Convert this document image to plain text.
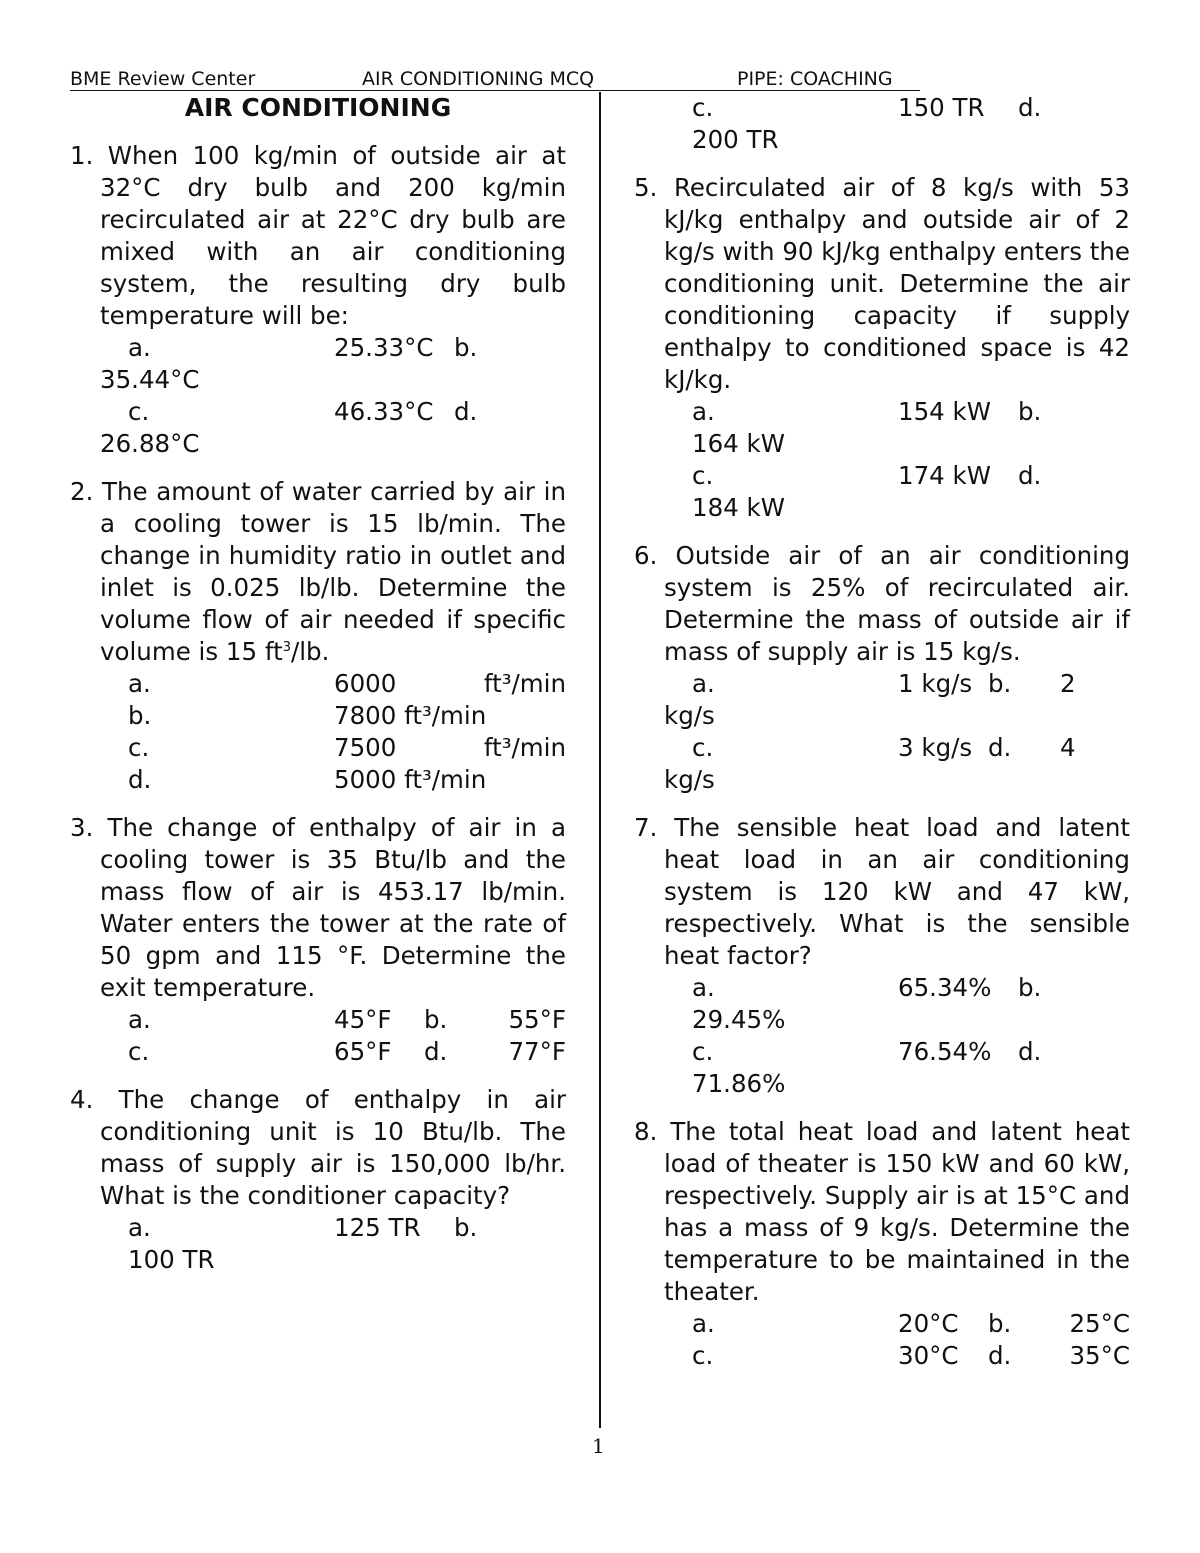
BME Review Center	AIR CONDITIONING MCQ	PIPE: COACHING
AIR CONDITIONING
1. When 100 kg/min of outside air at 32°C dry bulb and 200 kg/min recirculated air at 22°C dry bulb are mixed with an air conditioning system, the resulting dry bulb temperature will be:
a.	25.33°C b.
35.44°C
c.	46.33°C d.
26.88°C
2. The amount of water carried by air in a cooling tower is 15 lb/min. The change in humidity ratio in outlet and inlet is 0.025 lb/lb. Determine the volume flow of air needed if specific volume is 15 $ft^3/lb$.
a.	6000	ft³/min
b.	7800 ft³/min
c.	7500	ft³/min
d.	5000 ft³/min
3. The change of enthalpy of air in a cooling tower is 35 Btu/lb and the mass flow of air is 453.17 lb/min. Water enters the tower at the rate of 50 gpm and 115 °F. Determine the exit temperature.
a.	45°F b. 55°F
c.	65°F d. 77°F
4. The change of enthalpy in air conditioning unit is 10 Btu/lb. The mass of supply air is 150,000 lb/hr. What is the conditioner capacity?
a.	125 TR b.
100 TR
c.	150 TR d.
200 TR
5. Recirculated air of 8 kg/s with 53 kJ/kg enthalpy and outside air of 2 kg/s with 90 kJ/kg enthalpy enters the conditioning unit. Determine the air conditioning capacity if supply enthalpy to conditioned space is 42 kJ/kg.
a.	154 kW b.
164 kW
c.	174 kW d.
184 kW
6. Outside air of an air conditioning system is 25% of recirculated air. Determine the mass of outside air if mass of supply air is 15 kg/s.
a.	1 kg/s b. 2
kg/s
c.	3 kg/s d. 4
kg/s
7. The sensible heat load and latent heat load in an air conditioning system is 120 kW and 47 kW, respectively. What is the sensible heat factor?
a.	65.34% b.
29.45%
c.	76.54% d.
71.86%
8. The total heat load and latent heat load of theater is 150 kW and 60 kW, respectively. Supply air is at 15°C and has a mass of 9 kg/s. Determine the temperature to be maintained in the theater.
a.	20°C b. 25°C
c.	30°C d. 35°C
1
